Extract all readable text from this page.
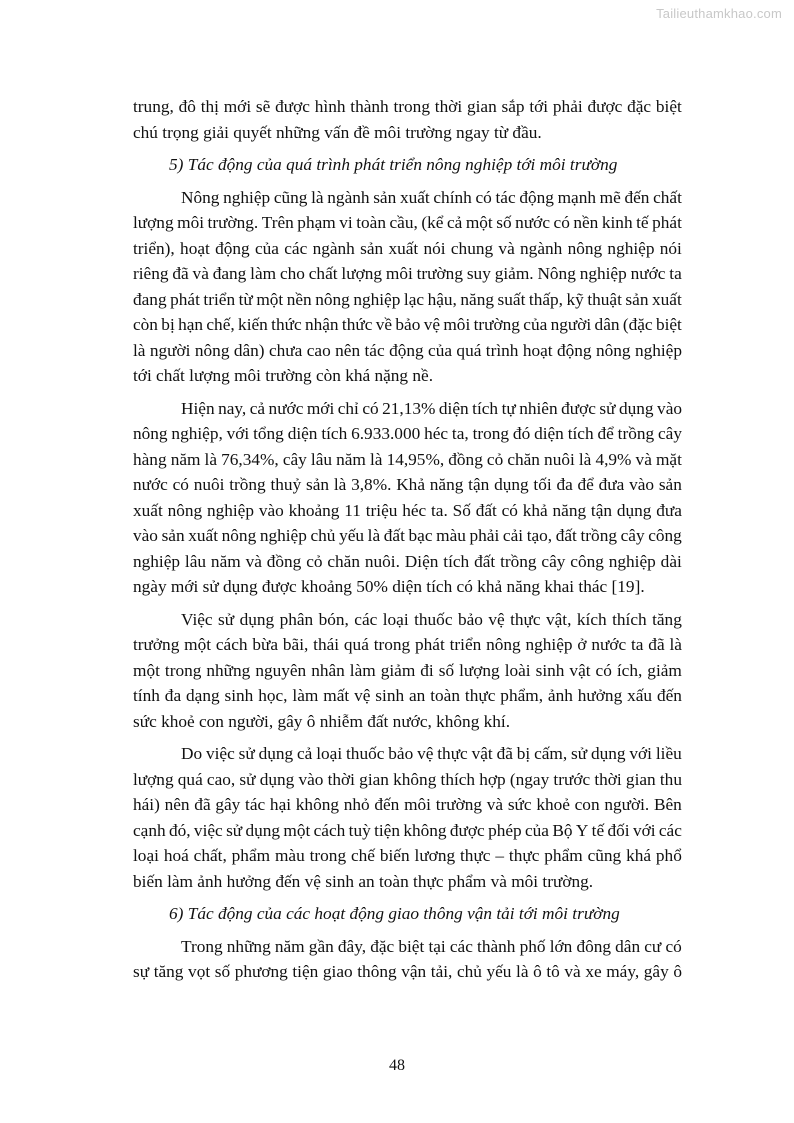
Tailieuthamkhao.com
trung, đô thị mới sẽ được hình thành trong thời gian sắp tới phải được đặc biệt
chú trọng giải quyết những vấn đề môi trường ngay từ đầu.
5) Tác động của quá trình phát triển nông nghiệp tới môi trường
Nông nghiệp cũng là ngành sản xuất chính có tác động mạnh mẽ đến chất
lượng môi trường. Trên phạm vi toàn cầu, (kể cả một số nước có nền kinh tế phát
triển), hoạt động của các ngành sản xuất nói chung và ngành nông nghiệp nói
riêng đã và đang làm cho chất lượng môi trường suy giảm. Nông nghiệp nước ta
đang phát triển từ một nền nông nghiệp lạc hậu, năng suất thấp, kỹ thuật sản xuất
còn bị hạn chế, kiến thức nhận thức về bảo vệ môi trường của người dân (đặc biệt
là người nông dân) chưa cao nên tác động của quá trình hoạt động nông nghiệp
tới chất lượng môi trường còn khá nặng nề.
Hiện nay, cả nước mới chỉ có 21,13% diện tích tự nhiên được sử dụng vào
nông nghiệp, với tổng diện tích 6.933.000 héc ta, trong đó diện tích để trồng cây
hàng năm là 76,34%, cây lâu năm là 14,95%, đồng cỏ chăn nuôi là 4,9% và mặt
nước có nuôi trồng thuỷ sản là 3,8%. Khả năng tận dụng tối đa để đưa vào sản
xuất nông nghiệp vào khoảng 11 triệu héc ta. Số đất có khả năng tận dụng đưa
vào sản xuất nông nghiệp chủ yếu là đất bạc màu phải cải tạo, đất trồng cây công
nghiệp lâu năm và đồng cỏ chăn nuôi. Diện tích đất trồng cây công nghiệp dài
ngày mới sử dụng được khoảng 50% diện tích có khả năng khai thác [19].
Việc sử dụng phân bón, các loại thuốc bảo vệ thực vật, kích thích tăng
trưởng một cách bừa bãi, thái quá trong phát triển nông nghiệp ở nước ta đã là
một trong những nguyên nhân làm giảm đi số lượng loài sinh vật có ích, giảm
tính đa dạng sinh học, làm mất vệ sinh an toàn thực phẩm, ảnh hưởng xấu đến
sức khoẻ con người, gây ô nhiễm đất nước, không khí.
Do việc sử dụng cả loại thuốc bảo vệ thực vật đã bị cấm, sử dụng với liều
lượng quá cao, sử dụng vào thời gian không thích hợp (ngay trước thời gian thu
hái) nên đã gây tác hại không nhỏ đến môi trường và sức khoẻ con người. Bên
cạnh đó, việc sử dụng một cách tuỳ tiện không được phép của Bộ Y tế đối với các
loại hoá chất, phẩm màu trong chế biến lương thực – thực phẩm cũng khá phổ
biến làm ảnh hưởng đến vệ sinh an toàn thực phẩm và môi trường.
6) Tác động của các hoạt động giao thông vận tải tới môi trường
Trong những năm gần đây, đặc biệt tại các thành phố lớn đông dân cư có
sự tăng vọt số phương tiện giao thông vận tải, chủ yếu là ô tô và xe máy, gây ô
48
